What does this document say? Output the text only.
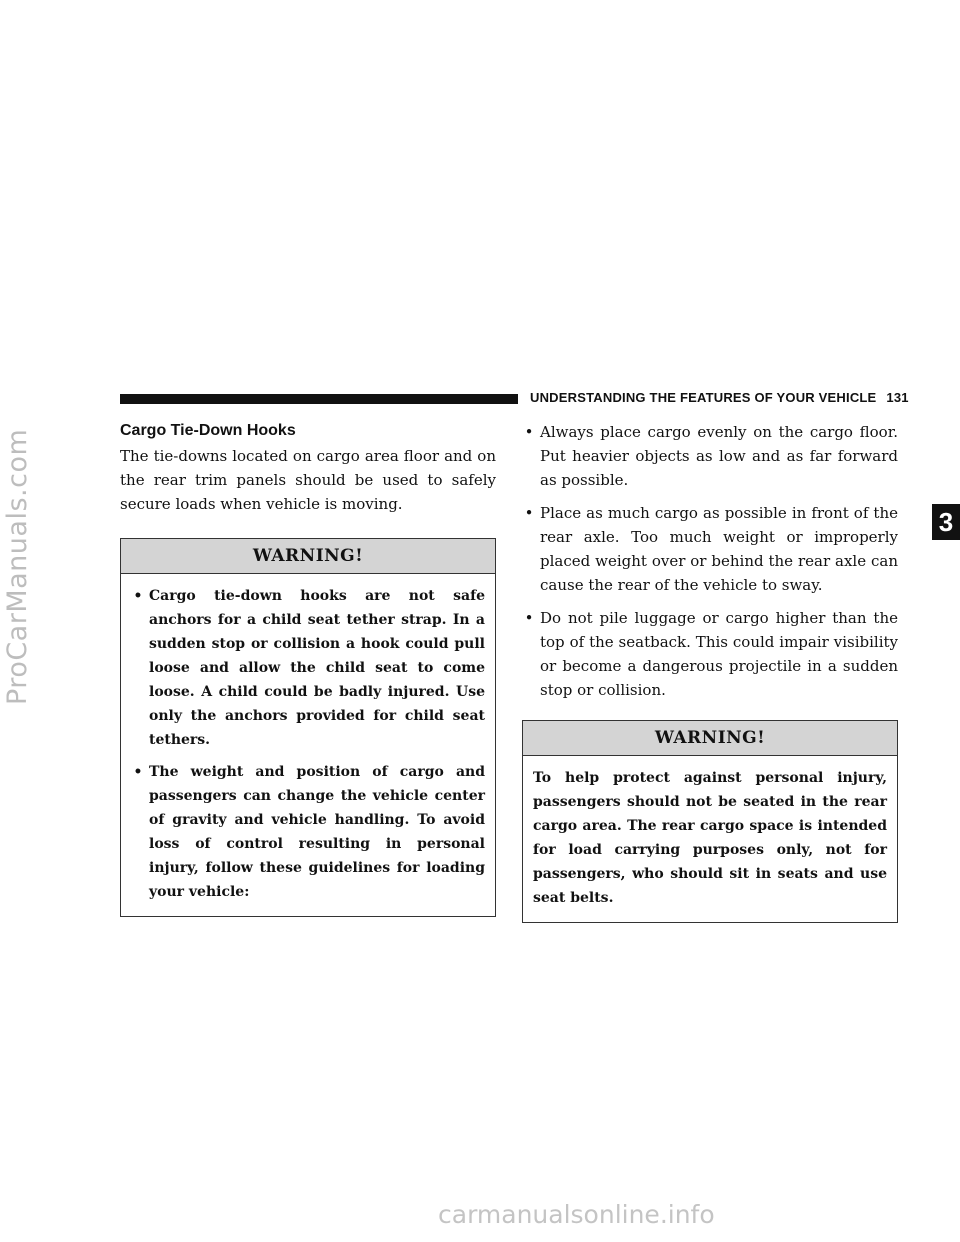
ProCarManuals.com
UNDERSTANDING THE FEATURES OF YOUR VEHICLE 131
3
Cargo Tie-Down Hooks

The tie-downs located on cargo area floor and on the rear trim panels should be used to safely secure loads when vehicle is moving.

WARNING!
• Cargo tie-down hooks are not safe anchors for a child seat tether strap. In a sudden stop or collision a hook could pull loose and allow the child seat to come loose. A child could be badly injured. Use only the anchors provided for child seat tethers.
• The weight and position of cargo and passengers can change the vehicle center of gravity and vehicle handling. To avoid loss of control resulting in personal injury, follow these guidelines for loading your vehicle:
• Always place cargo evenly on the cargo floor. Put heavier objects as low and as far forward as possible.
• Place as much cargo as possible in front of the rear axle. Too much weight or improperly placed weight over or behind the rear axle can cause the rear of the vehicle to sway.
• Do not pile luggage or cargo higher than the top of the seatback. This could impair visibility or become a dangerous projectile in a sudden stop or collision.
WARNING!

To help protect against personal injury, passengers should not be seated in the rear cargo area. The rear cargo space is intended for load carrying purposes only, not for passengers, who should sit in seats and use seat belts.

carmanualsonline.info
